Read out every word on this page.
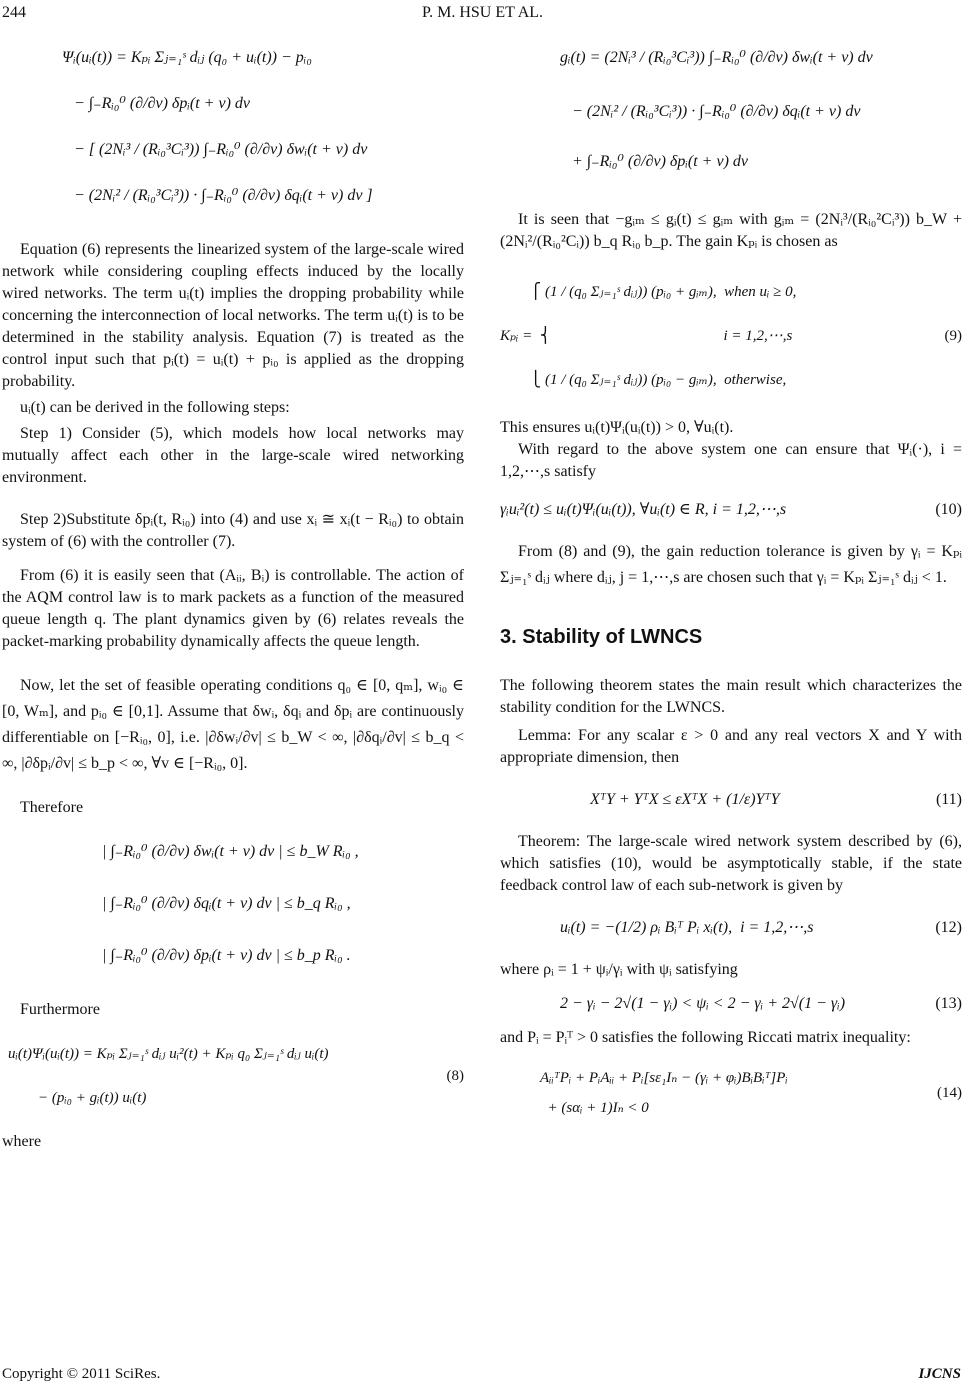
244	P. M. HSU ET AL.
Ψᵢ(uᵢ(t)) = Kₚᵢ Σⱼ₌₁ˢ dᵢⱼ (q₀ + uᵢ(t)) − pᵢ₀
− ∫₋Rᵢ₀⁰ (∂/∂v) δpᵢ(t + v) dv
− [ (2Nᵢ³ / (Rᵢ₀³Cᵢ³)) ∫₋Rᵢ₀⁰ (∂/∂v) δwᵢ(t + v) dv
− (2Nᵢ² / (Rᵢ₀³Cᵢ³)) · ∫₋Rᵢ₀⁰ (∂/∂v) δqᵢ(t + v) dv ]

Equation (6) represents the linearized system of the large-scale wired network while considering coupling effects induced by the locally wired networks. The term uᵢ(t) implies the dropping probability while concerning the interconnection of local networks. The term uᵢ(t) is to be determined in the stability analysis. Equation (7) is treated as the control input such that pᵢ(t) = uᵢ(t) + pᵢ₀ is applied as the dropping probability.

uᵢ(t) can be derived in the following steps:

Step 1) Consider (5), which models how local networks may mutually affect each other in the large-scale wired networking environment.

Step 2)Substitute δpᵢ(t, Rᵢ₀) into (4) and use xᵢ ≅ xᵢ(t − Rᵢ₀) to obtain system of (6) with the controller (7).

From (6) it is easily seen that (Aᵢᵢ, Bᵢ) is controllable. The action of the AQM control law is to mark packets as a function of the measured queue length q. The plant dynamics given by (6) relates reveals the packet-marking probability dynamically affects the queue length.

Now, let the set of feasible operating conditions q₀ ∈ [0, qₘ], wᵢ₀ ∈ [0, Wₘ], and pᵢ₀ ∈ [0,1]. Assume that δwᵢ, δqᵢ and δpᵢ are continuously differentiable on [−Rᵢ₀, 0], i.e. |∂δwᵢ/∂v| ≤ b_W < ∞, |∂δqᵢ/∂v| ≤ b_q < ∞, |∂δpᵢ/∂v| ≤ b_p < ∞, ∀v ∈ [−Rᵢ₀, 0].

Therefore

| ∫₋Rᵢ₀⁰ (∂/∂v) δwᵢ(t + v) dv | ≤ b_W Rᵢ₀ ,
| ∫₋Rᵢ₀⁰ (∂/∂v) δqᵢ(t + v) dv | ≤ b_q Rᵢ₀ ,
| ∫₋Rᵢ₀⁰ (∂/∂v) δpᵢ(t + v) dv | ≤ b_p Rᵢ₀ .

Furthermore

uᵢ(t)Ψᵢ(uᵢ(t)) = Kₚᵢ Σⱼ₌₁ˢ dᵢⱼ uᵢ²(t) + Kₚᵢ q₀ Σⱼ₌₁ˢ dᵢⱼ uᵢ(t)
− (pᵢ₀ + gᵢ(t)) uᵢ(t)
(8)

where

gᵢ(t) = (2Nᵢ³ / (Rᵢ₀³Cᵢ³)) ∫₋Rᵢ₀⁰ (∂/∂v) δwᵢ(t + v) dv
− (2Nᵢ² / (Rᵢ₀³Cᵢ³)) · ∫₋Rᵢ₀⁰ (∂/∂v) δqᵢ(t + v) dv
+ ∫₋Rᵢ₀⁰ (∂/∂v) δpᵢ(t + v) dv

It is seen that −gᵢₘ ≤ gᵢ(t) ≤ gᵢₘ with gᵢₘ = (2Nᵢ³/(Rᵢ₀²Cᵢ³)) b_W + (2Nᵢ²/(Rᵢ₀²Cᵢ)) b_q Rᵢ₀ b_p. The gain Kₚᵢ is chosen as

⎧ (1 / (q₀ Σⱼ₌₁ˢ dᵢⱼ)) (pᵢ₀ + gᵢₘ),  when uᵢ ≥ 0,
Kₚᵢ =  ⎨                                              i = 1,2,⋯,s
⎩ (1 / (q₀ Σⱼ₌₁ˢ dᵢⱼ)) (pᵢ₀ − gᵢₘ),  otherwise,
(9)

This ensures uᵢ(t)Ψᵢ(uᵢ(t)) > 0, ∀uᵢ(t).

With regard to the above system one can ensure that Ψᵢ(·), i = 1,2,⋯,s satisfy

γᵢuᵢ²(t) ≤ uᵢ(t)Ψᵢ(uᵢ(t)), ∀uᵢ(t) ∈ R, i = 1,2,⋯,s	(10)

From (8) and (9), the gain reduction tolerance is given by γᵢ = Kₚᵢ Σⱼ₌₁ˢ dᵢⱼ where dᵢⱼ, j = 1,⋯,s are chosen such that γᵢ = Kₚᵢ Σⱼ₌₁ˢ dᵢⱼ < 1.

3. Stability of LWNCS

The following theorem states the main result which characterizes the stability condition for the LWNCS.

Lemma: For any scalar ε > 0 and any real vectors X and Y with appropriate dimension, then

XᵀY + YᵀX ≤ εXᵀX + (1/ε)YᵀY	(11)

Theorem: The large-scale wired network system described by (6), which satisfies (10), would be asymptotically stable, if the state feedback control law of each sub-network is given by

uᵢ(t) = −(1/2) ρᵢ Bᵢᵀ Pᵢ xᵢ(t),  i = 1,2,⋯,s	(12)

where ρᵢ = 1 + ψᵢ/γᵢ with ψᵢ satisfying

2 − γᵢ − 2√(1 − γᵢ) < ψᵢ < 2 − γᵢ + 2√(1 − γᵢ)	(13)

and Pᵢ = Pᵢᵀ > 0 satisfies the following Riccati matrix inequality:

AᵢᵢᵀPᵢ + PᵢAᵢᵢ + Pᵢ[sε₁Iₙ − (γᵢ + φᵢ)BᵢBᵢᵀ]Pᵢ
+ (sαᵢ + 1)Iₙ < 0
(14)
Copyright © 2011 SciRes.	IJCNS
